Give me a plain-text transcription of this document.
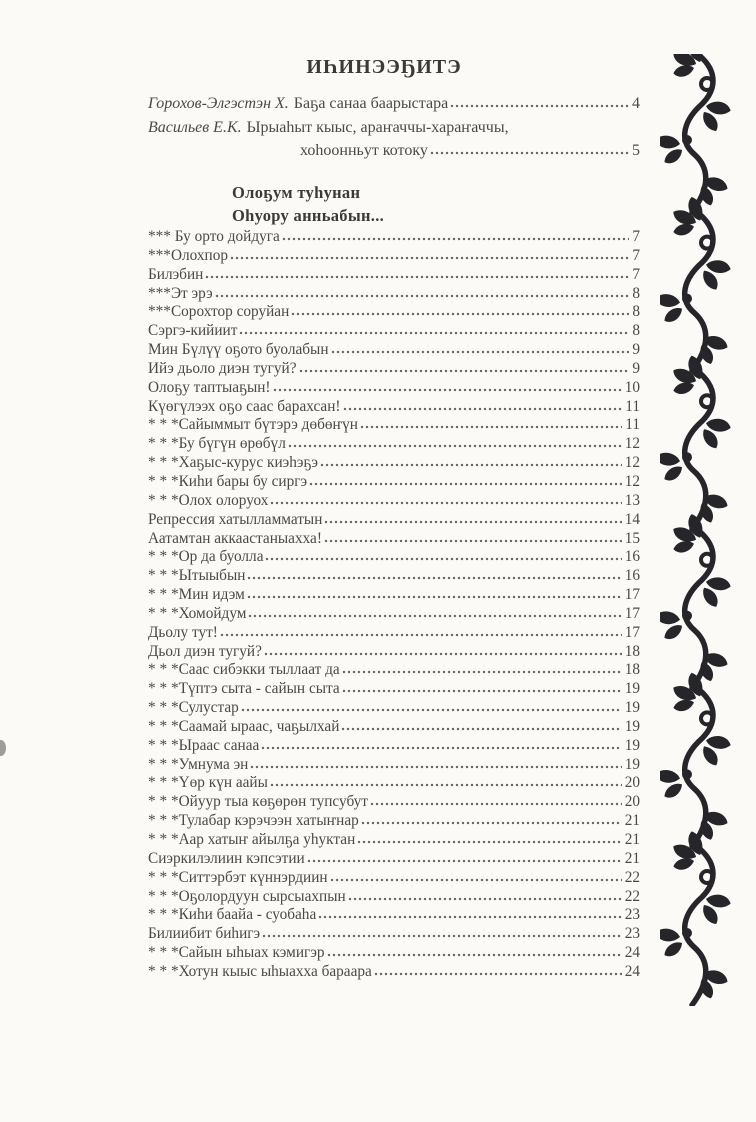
ИҺИНЭЭҔИТЭ
Горохов-Элгэстэн Х. Баҕа санаа баарыстара	4
Васильев Е.К. Ырыаһыт кыыс, араҥаччы-хараҥаччы,
хоһоонньут котоку	5
Олоҕум туһунан
Оһуору анньабын...
*** Бу орто дойдуга	7
***Олохпор	7
Билэбин	7
***Эт эрэ	8
***Сорохтор соруйан	8
Сэргэ-кийиит	8
Мин Бүлүү оҕото буолабын	9
Ийэ дьоло диэн тугуй?	9
Олоҕу таптыаҕын!	10
Күөгүлээх оҕо саас барахсан!	11
* * *Сайыммыт бүтэрэ дөбөҥүн	11
* * *Бу бүгүн өрөбүл	12
* * *Хаҕыс-курус киэһэҕэ	12
* * *Киһи бары бу сиргэ	12
* * *Олох олоруох	13
Репрессия хатылламматын	14
Аатамтан аккаастаныахха!	15
* * *Ор да буолла	16
* * *Ытыыбын	16
* * *Мин идэм	17
* * *Хомойдум	17
Дьолу тут!	17
Дьол диэн тугуй?	18
* * *Саас сибэкки тыллаат да	18
* * *Түптэ сыта - сайын сыта	19
* * *Сулустар	19
* * *Саамай ыраас, чаҕылхай	19
* * *Ыраас санаа	19
* * *Умнума эн	19
* * *Үөр күн аайы	20
* * *Ойуур тыа көҕөрөн тупсубут	20
* * *Тулабар кэрэчээн хатыҥнар	21
* * *Аар хатыҥ айылҕа уһуктан	21
Сиэркилэлиин кэпсэтии	21
* * *Ситтэрбэт күннэрдиин	22
* * *Оҕолордуун сырсыахпын	22
* * *Киһи баайа - суобаһа	23
Билиибит биһигэ	23
* * *Сайын ыһыах кэмигэр	24
* * *Хотун кыыс ыһыахха бараара	24
